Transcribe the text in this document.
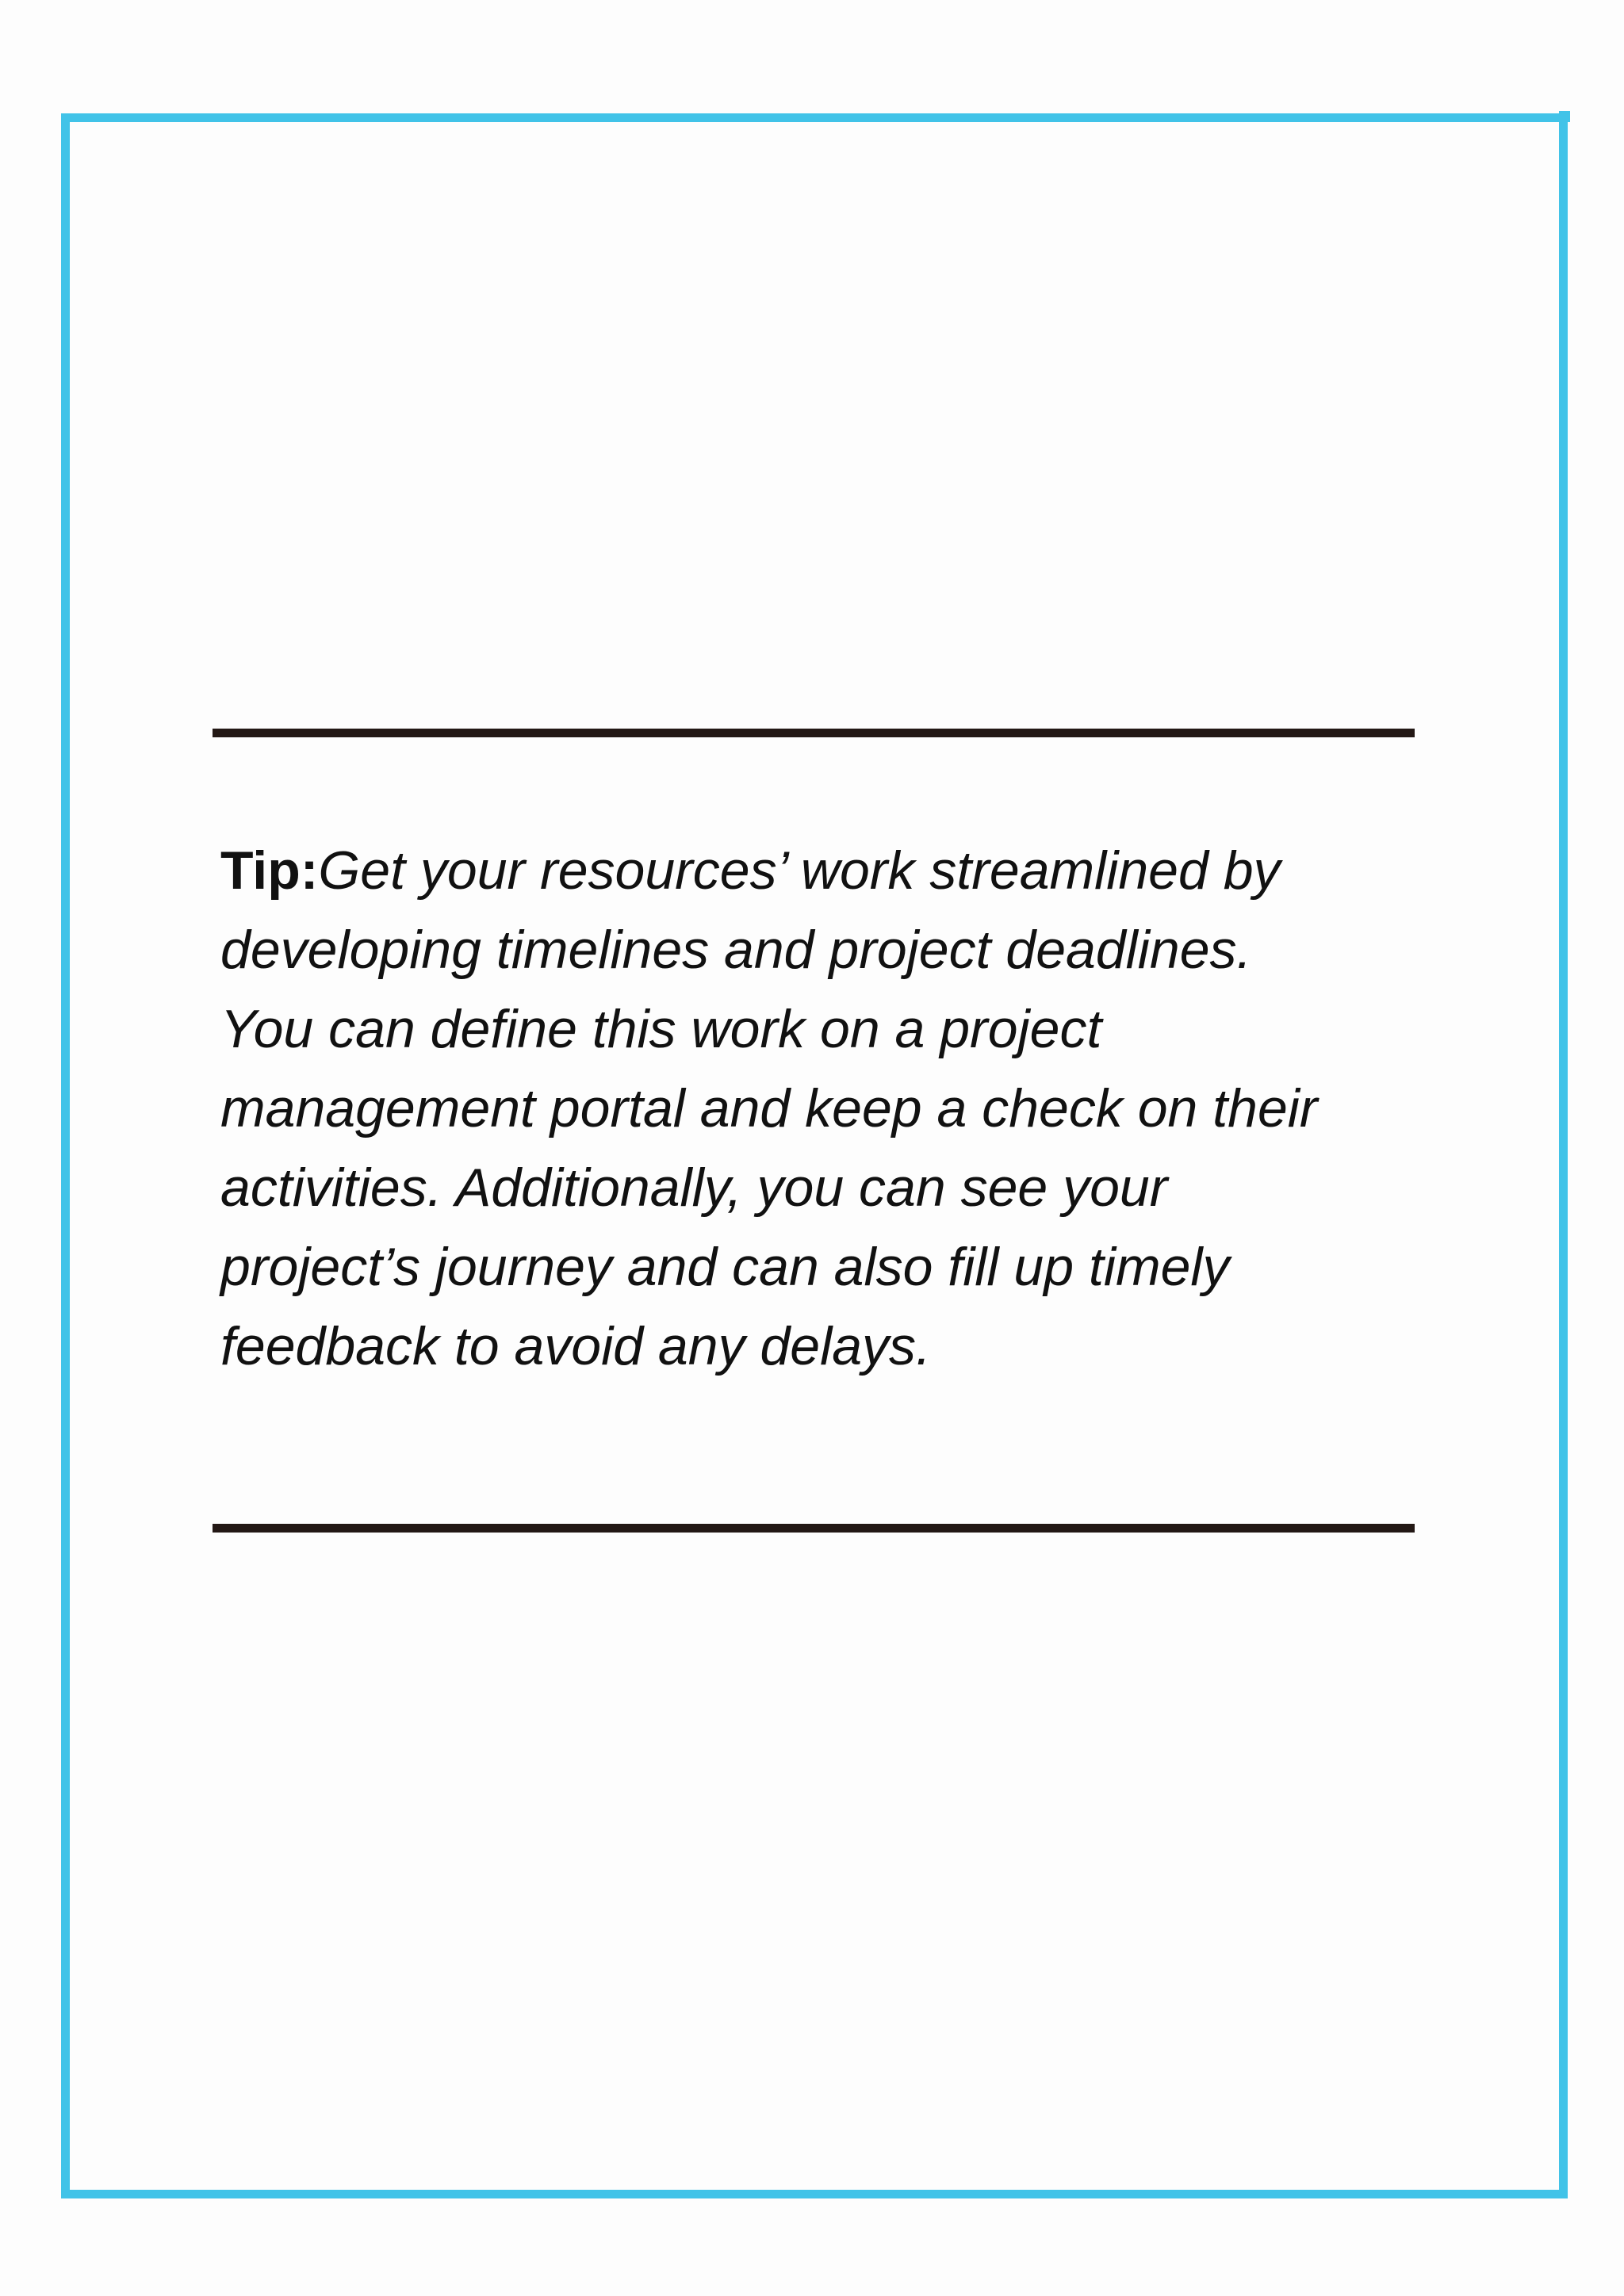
Tip:Get your resources’ work streamlined by
developing timelines and project deadlines.
You can define this work on a project
management portal and keep a check on their
activities. Additionally, you can see your
project’s journey and can also fill up timely
feedback to avoid any delays.
